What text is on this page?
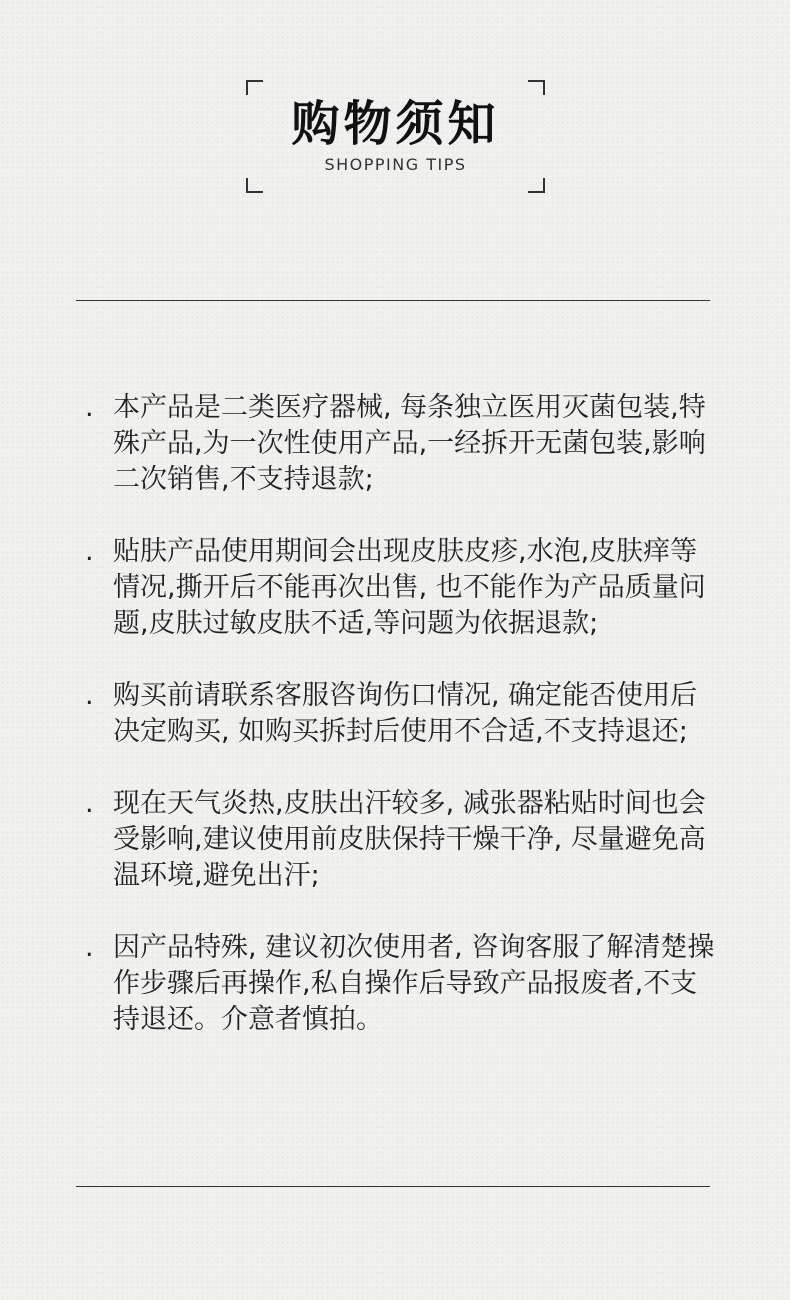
购物须知
SHOPPING TIPS
. 本产品是二类医疗器械, 每条独立医用灭菌包装,特殊产品,为一次性使用产品,一经拆开无菌包装,影响二次销售,不支持退款;

. 贴肤产品使用期间会出现皮肤皮疹,水泡,皮肤痒等情况,撕开后不能再次出售, 也不能作为产品质量问题,皮肤过敏皮肤不适,等问题为依据退款;

. 购买前请联系客服咨询伤口情况, 确定能否使用后决定购买, 如购买拆封后使用不合适,不支持退还;

. 现在天气炎热,皮肤出汗较多, 减张器粘贴时间也会受影响,建议使用前皮肤保持干燥干净, 尽量避免高温环境,避免出汗;

. 因产品特殊, 建议初次使用者, 咨询客服了解清楚操作步骤后再操作,私自操作后导致产品报废者,不支持退还。介意者慎拍。
